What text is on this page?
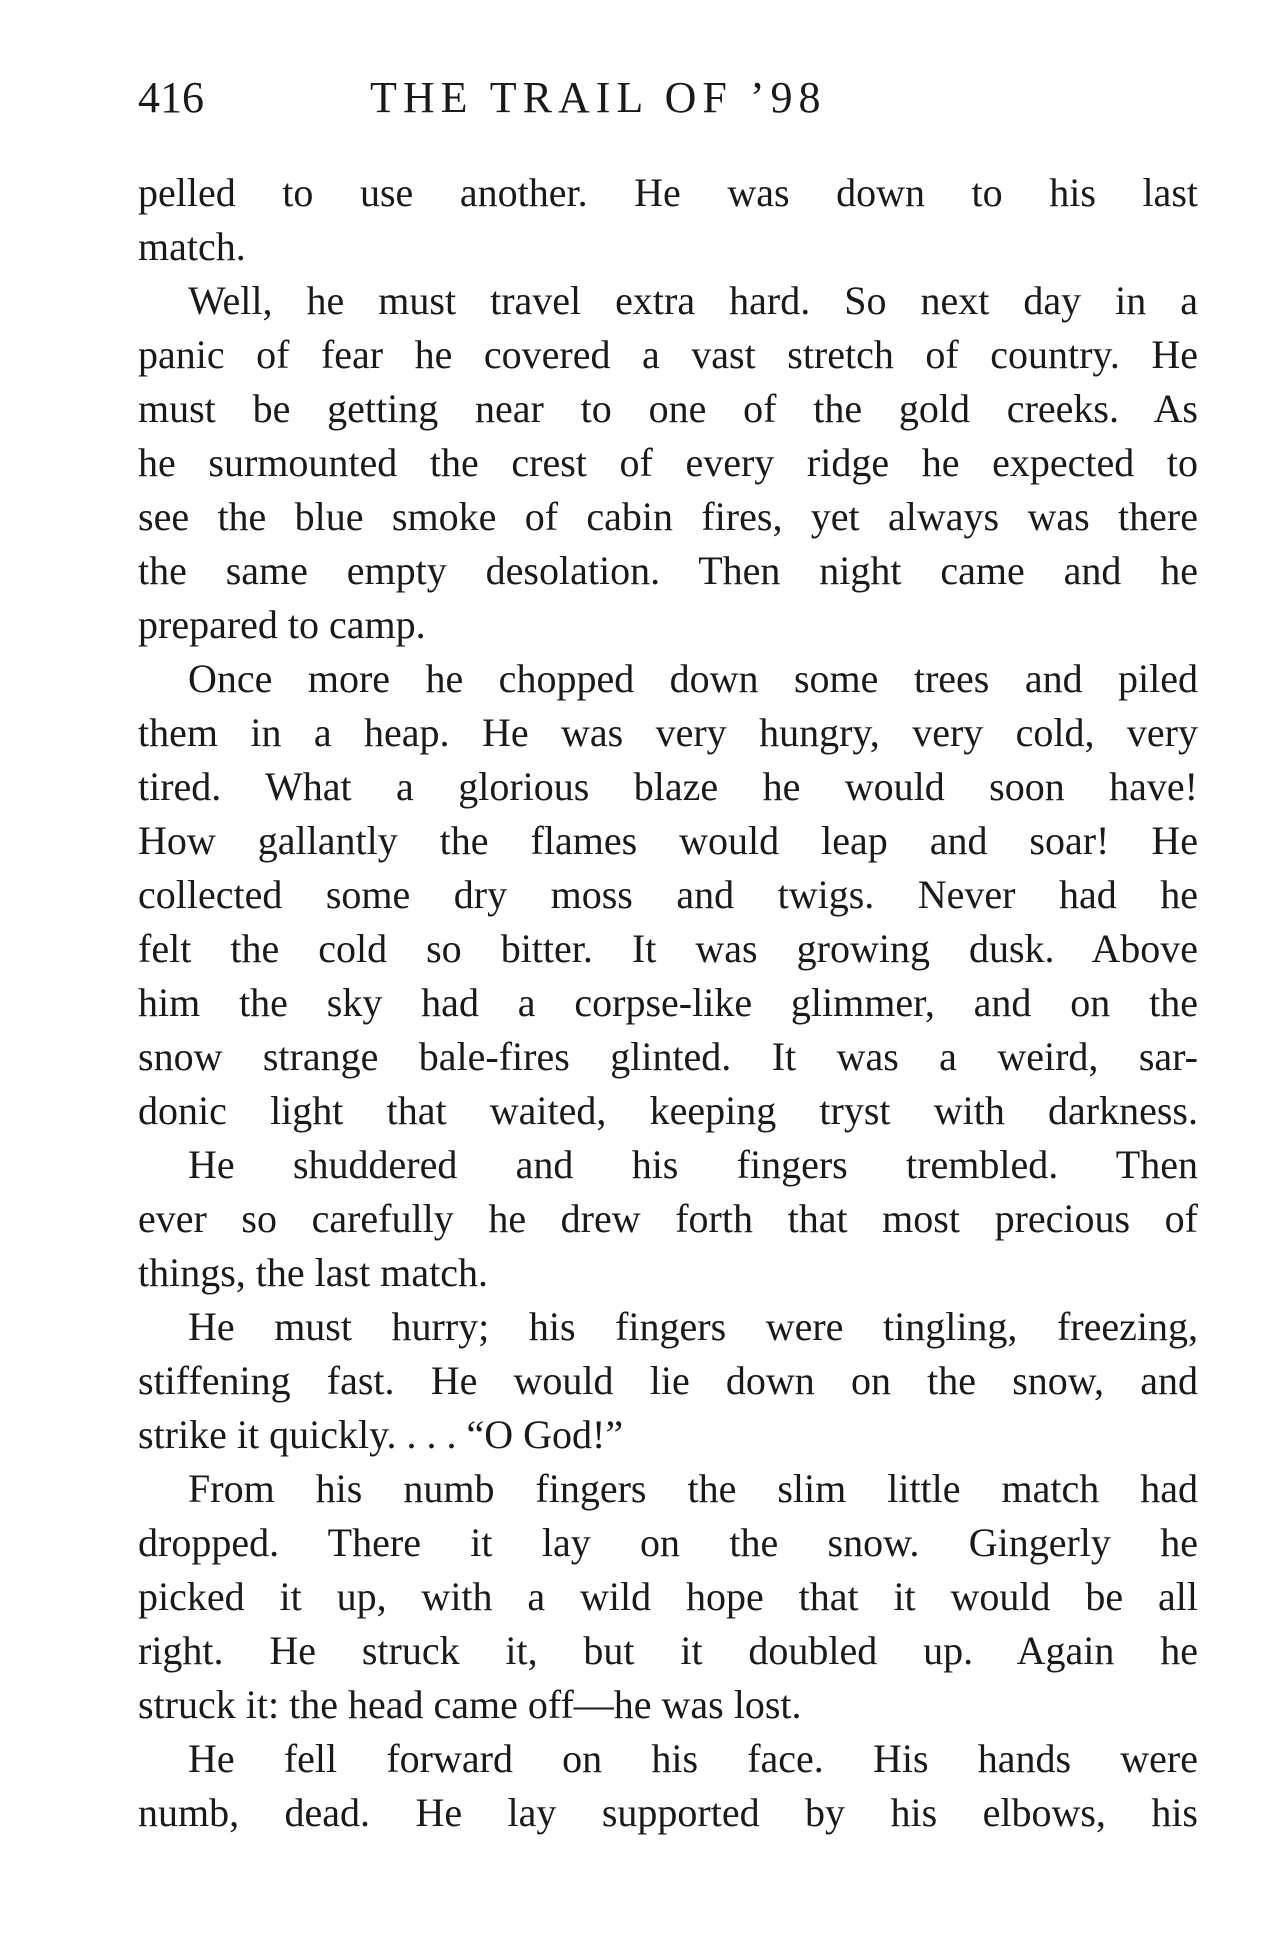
416	THE TRAIL OF ’98
pelled to use another. He was down to his last
match.
Well, he must travel extra hard. So next day in a
panic of fear he covered a vast stretch of country. He
must be getting near to one of the gold creeks. As
he surmounted the crest of every ridge he expected to
see the blue smoke of cabin fires, yet always was there
the same empty desolation. Then night came and he
prepared to camp.
Once more he chopped down some trees and piled
them in a heap. He was very hungry, very cold, very
tired. What a glorious blaze he would soon have!
How gallantly the flames would leap and soar! He
collected some dry moss and twigs. Never had he
felt the cold so bitter. It was growing dusk. Above
him the sky had a corpse-like glimmer, and on the
snow strange bale-fires glinted. It was a weird, sar-
donic light that waited, keeping tryst with darkness.
He shuddered and his fingers trembled. Then
ever so carefully he drew forth that most precious of
things, the last match.
He must hurry; his fingers were tingling, freezing,
stiffening fast. He would lie down on the snow, and
strike it quickly. . . . “O God!”
From his numb fingers the slim little match had
dropped. There it lay on the snow. Gingerly he
picked it up, with a wild hope that it would be all
right. He struck it, but it doubled up. Again he
struck it: the head came off—he was lost.
He fell forward on his face. His hands were
numb, dead. He lay supported by his elbows, his
